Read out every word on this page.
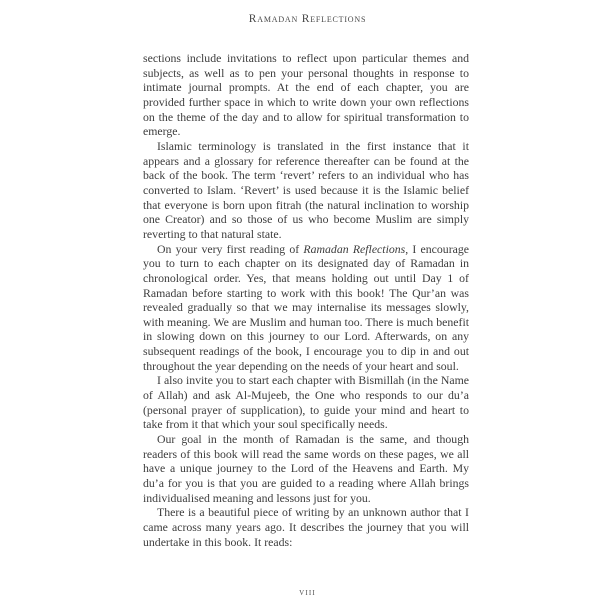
Ramadan Reflections

sections include invitations to reflect upon particular themes and subjects, as well as to pen your personal thoughts in response to intimate journal prompts. At the end of each chapter, you are provided further space in which to write down your own reflections on the theme of the day and to allow for spiritual transformation to emerge.

Islamic terminology is translated in the first instance that it appears and a glossary for reference thereafter can be found at the back of the book. The term ‘revert’ refers to an individual who has converted to Islam. ‘Revert’ is used because it is the Islamic belief that everyone is born upon fitrah (the natural inclination to worship one Creator) and so those of us who become Muslim are simply reverting to that natural state.

On your very first reading of Ramadan Reflections, I encourage you to turn to each chapter on its designated day of Ramadan in chronological order. Yes, that means holding out until Day 1 of Ramadan before starting to work with this book! The Qur’an was revealed gradually so that we may internalise its messages slowly, with meaning. We are Muslim and human too. There is much benefit in slowing down on this journey to our Lord. Afterwards, on any subsequent readings of the book, I encourage you to dip in and out throughout the year depending on the needs of your heart and soul.

I also invite you to start each chapter with Bismillah (in the Name of Allah) and ask Al-Mujeeb, the One who responds to our du’a (personal prayer of supplication), to guide your mind and heart to take from it that which your soul specifically needs.

Our goal in the month of Ramadan is the same, and though readers of this book will read the same words on these pages, we all have a unique journey to the Lord of the Heavens and Earth. My du’a for you is that you are guided to a reading where Allah brings individualised meaning and lessons just for you.

There is a beautiful piece of writing by an unknown author that I came across many years ago. It describes the journey that you will undertake in this book. It reads:

viii
